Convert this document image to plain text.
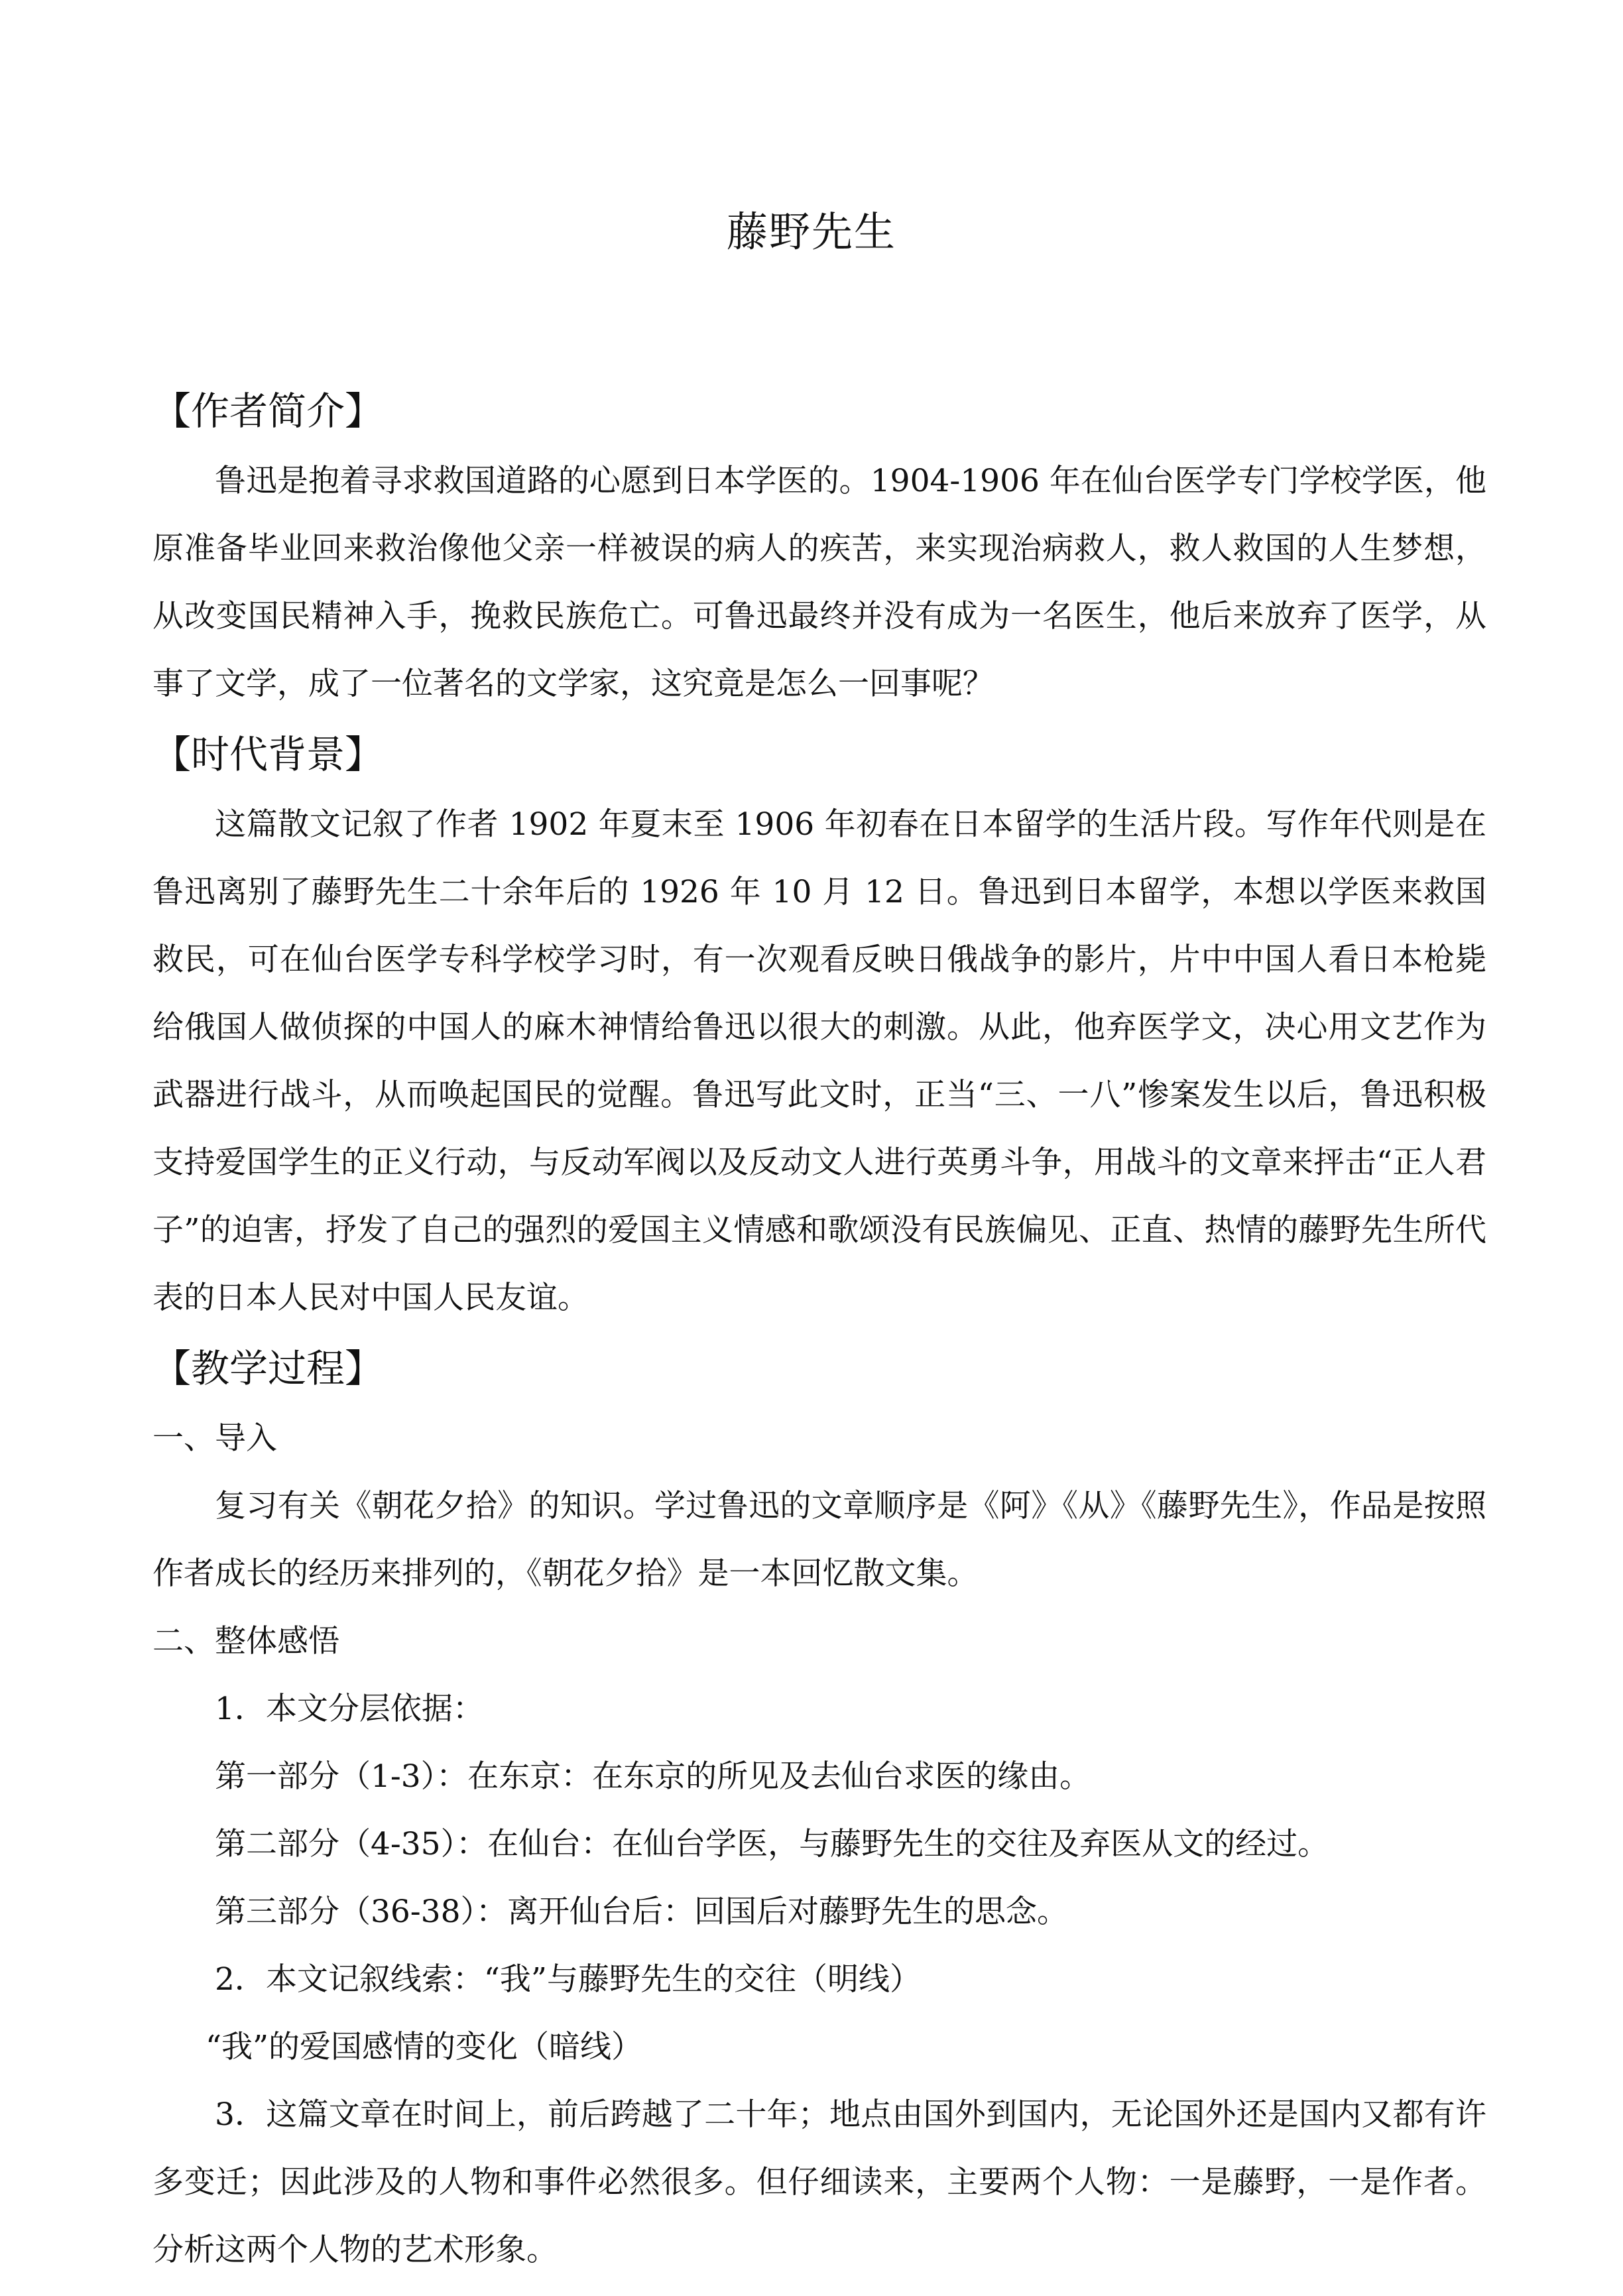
藤野先生

【作者简介】

鲁迅是抱着寻求救国道路的心愿到日本学医的。1904-1906 年在仙台医学专门学校学医，他原准备毕业回来救治像他父亲一样被误的病人的疾苦，来实现治病救人，救人救国的人生梦想，从改变国民精神入手，挽救民族危亡。可鲁迅最终并没有成为一名医生，他后来放弃了医学，从事了文学，成了一位著名的文学家，这究竟是怎么一回事呢？

【时代背景】

这篇散文记叙了作者 1902 年夏末至 1906 年初春在日本留学的生活片段。写作年代则是在鲁迅离别了藤野先生二十余年后的 1926 年 10 月 12 日。鲁迅到日本留学，本想以学医来救国救民，可在仙台医学专科学校学习时，有一次观看反映日俄战争的影片，片中中国人看日本枪毙给俄国人做侦探的中国人的麻木神情给鲁迅以很大的刺激。从此，他弃医学文，决心用文艺作为武器进行战斗，从而唤起国民的觉醒。鲁迅写此文时，正当“三、一八”惨案发生以后，鲁迅积极支持爱国学生的正义行动，与反动军阀以及反动文人进行英勇斗争，用战斗的文章来抨击“正人君子”的迫害，抒发了自己的强烈的爱国主义情感和歌颂没有民族偏见、正直、热情的藤野先生所代表的日本人民对中国人民友谊。

【教学过程】

一、导入

复习有关《朝花夕拾》的知识。学过鲁迅的文章顺序是《阿》《从》《藤野先生》，作品是按照作者成长的经历来排列的，《朝花夕拾》是一本回忆散文集。

二、整体感悟

1．本文分层依据：

第一部分（1-3）：在东京：在东京的所见及去仙台求医的缘由。

第二部分（4-35）：在仙台：在仙台学医，与藤野先生的交往及弃医从文的经过。

第三部分（36-38）：离开仙台后：回国后对藤野先生的思念。

2．本文记叙线索：“我”与藤野先生的交往（明线）

“我”的爱国感情的变化（暗线）

3．这篇文章在时间上，前后跨越了二十年；地点由国外到国内，无论国外还是国内又都有许多变迁；因此涉及的人物和事件必然很多。但仔细读来，主要两个人物：一是藤野，一是作者。分析这两个人物的艺术形象。
